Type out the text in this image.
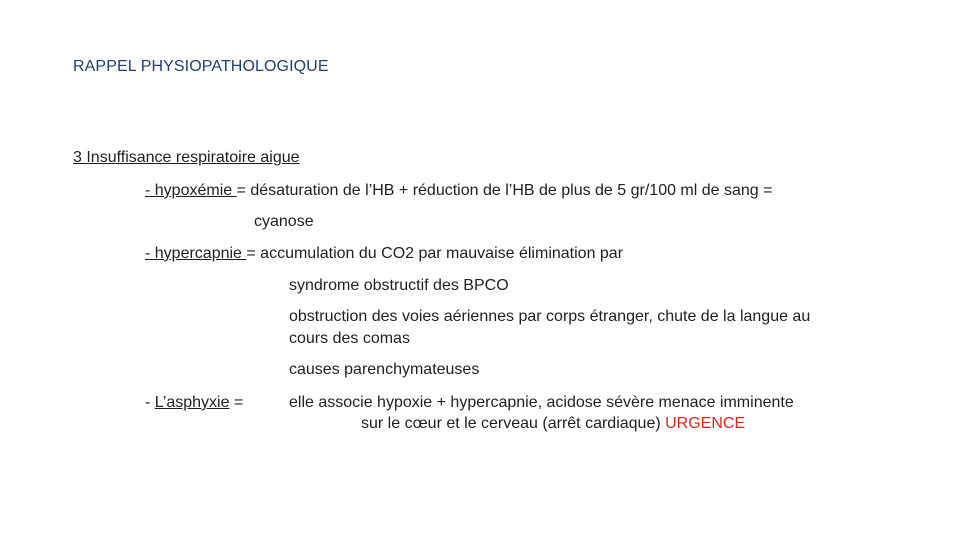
RAPPEL PHYSIOPATHOLOGIQUE
3 Insuffisance respiratoire aigue
- hypoxémie = désaturation de l’HB + réduction de l’HB de plus de 5 gr/100 ml de sang =
cyanose
- hypercapnie = accumulation du CO2 par mauvaise élimination par
syndrome obstructif des BPCO
obstruction des voies aériennes par corps étranger, chute de la langue au
cours des comas
causes parenchymateuses
- L’asphyxie =	elle associe hypoxie + hypercapnie, acidose sévère menace imminente
sur le cœur et le cerveau (arrêt cardiaque) URGENCE
